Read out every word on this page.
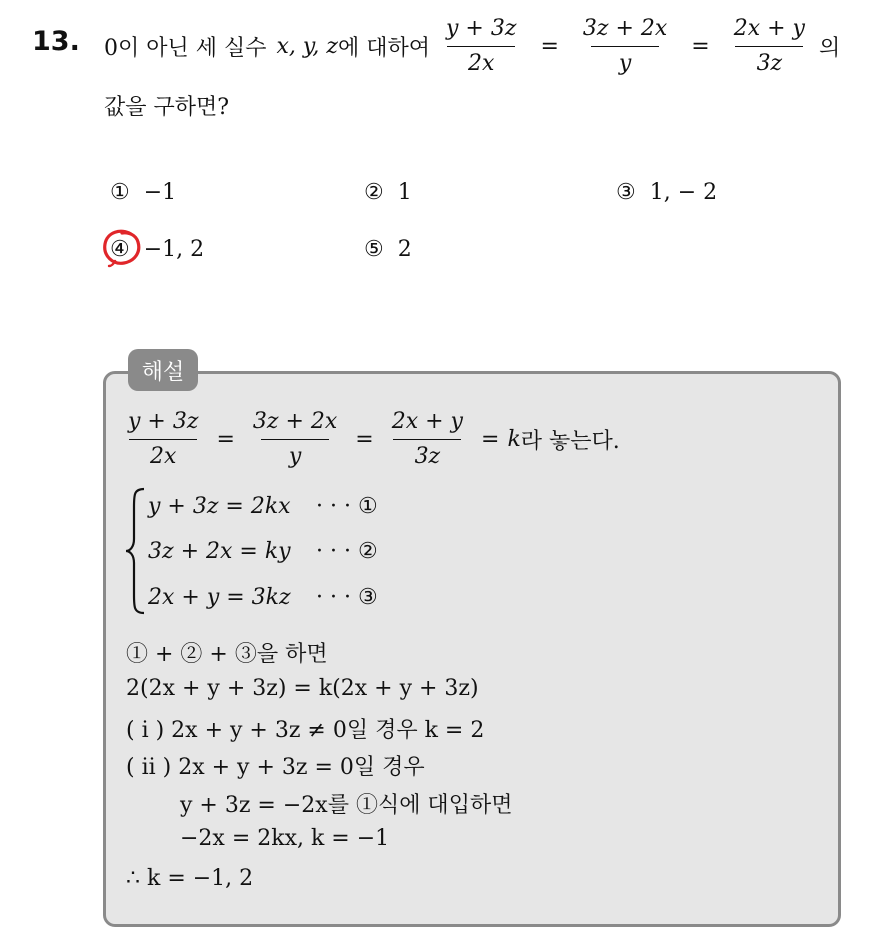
13. 0이 아닌 세 실수 x, y, z 에 대하여 $\frac{y + 3z}{2x} = \frac{3z + 2x}{y} = \frac{2x + y}{3z}$ 의
값을 구하면?
① −1	② 1	③ 1, − 2
④ −1, 2	⑤ 2
해설
$\frac{y + 3z}{2x} = \frac{3z + 2x}{y} = \frac{2x + y}{3z} = k$ 라 놓는다.
y + 3z = 2kx · · · ①
3z + 2x = ky · · · ②
2x + y = 3kz · · · ③
① + ② + ③을 하면
2(2x + y + 3z) = k(2x + y + 3z)
( i ) 2x + y + 3z ≠ 0일 경우 k = 2
( ii ) 2x + y + 3z = 0일 경우
y + 3z = −2x를 ①식에 대입하면
−2x = 2kx, k = −1
∴ k = −1, 2
